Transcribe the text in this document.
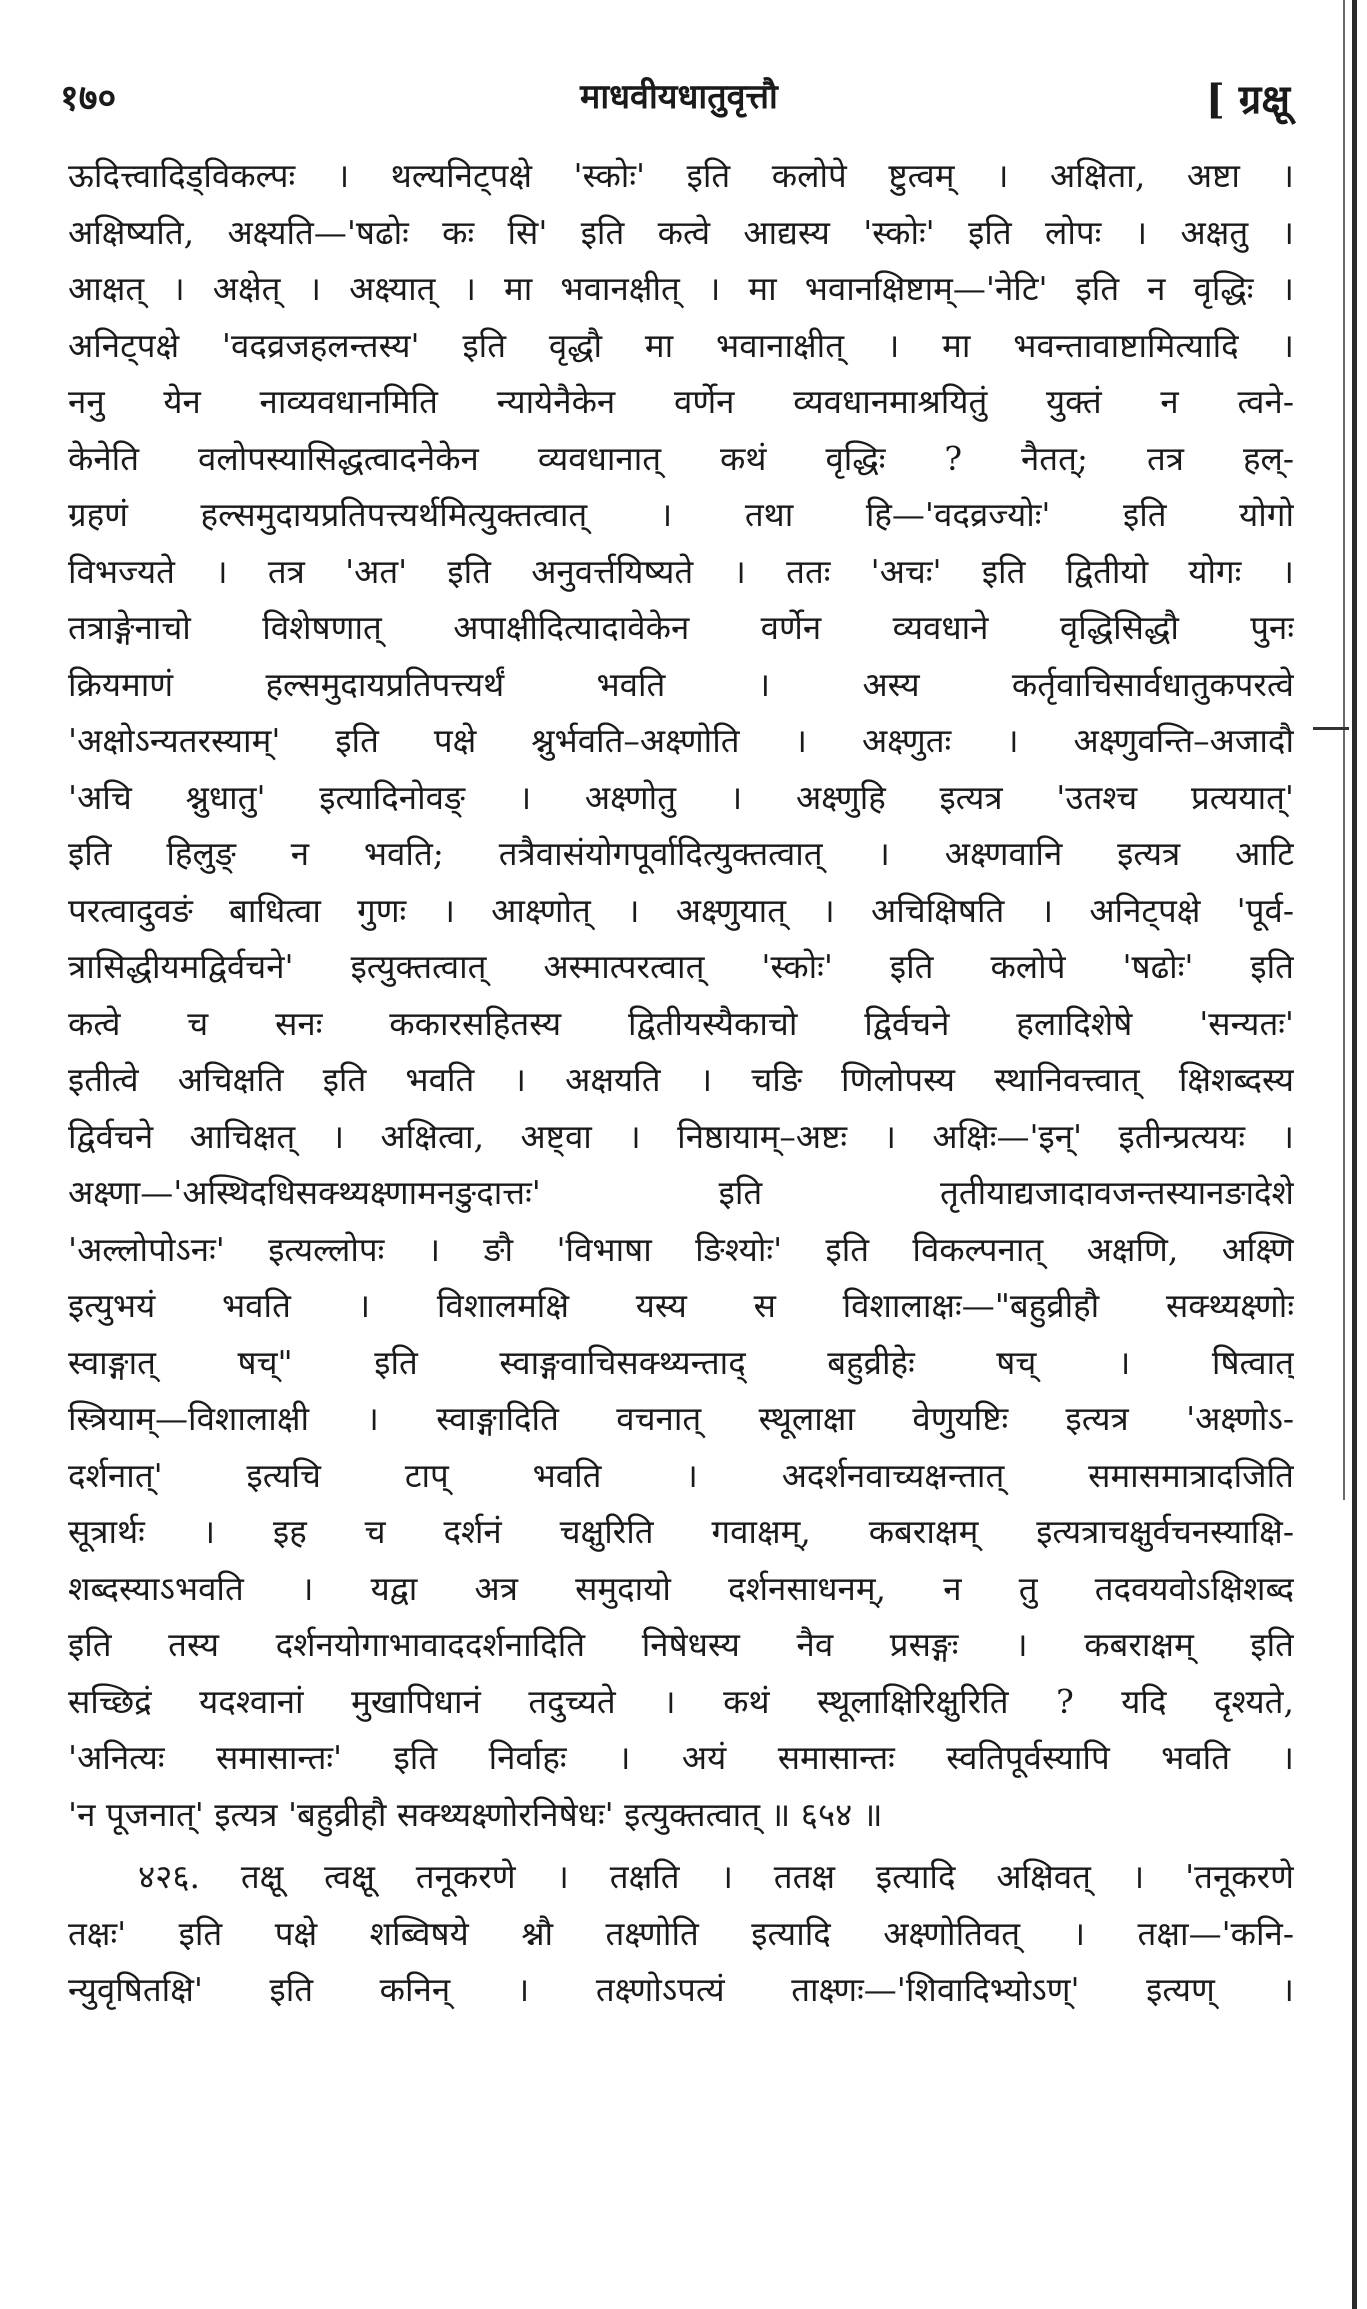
१७०	माधवीयधातुवृत्तौ	[ ग्रक्षू
ऊदित्त्वादिड्विकल्पः । थल्यनिट्पक्षे 'स्कोः' इति कलोपे ष्टुत्वम् । अक्षिता, अष्टा ।
अक्षिष्यति, अक्ष्यति—'षढोः कः सि' इति कत्वे आद्यस्य 'स्कोः' इति लोपः । अक्षतु ।
आक्षत् । अक्षेत् । अक्ष्यात् । मा भवानक्षीत् । मा भवानक्षिष्टाम्—'नेटि' इति न वृद्धिः ।
अनिट्पक्षे 'वदव्रजहलन्तस्य' इति वृद्धौ मा भवानाक्षीत् । मा भवन्तावाष्टामित्यादि ।
ननु येन नाव्यवधानमिति न्यायेनैकेन वर्णेन व्यवधानमाश्रयितुं युक्तं न त्वने-
केनेति वलोपस्यासिद्धत्वादनेकेन व्यवधानात् कथं वृद्धिः ? नैतत्; तत्र हल्-
ग्रहणं हल्समुदायप्रतिपत्त्यर्थमित्युक्तत्वात् । तथा हि—'वदव्रज्योः' इति योगो
विभज्यते । तत्र 'अत' इति अनुवर्त्तयिष्यते । ततः 'अचः' इति द्वितीयो योगः ।
तत्राङ्गेनाचो विशेषणात् अपाक्षीदित्यादावेकेन वर्णेन व्यवधाने वृद्धिसिद्धौ पुनः
क्रियमाणं हल्समुदायप्रतिपत्त्यर्थं भवति । अस्य कर्तृवाचिसार्वधातुकपरत्वे
'अक्षोऽन्यतरस्याम्' इति पक्षे श्नुर्भवति–अक्ष्णोति । अक्ष्णुतः । अक्ष्णुवन्ति–अजादौ
'अचि श्नुधातु' इत्यादिनोवङ् । अक्ष्णोतु । अक्ष्णुहि इत्यत्र 'उतश्च प्रत्ययात्'
इति हिलुङ् न भवति; तत्रैवासंयोगपूर्वादित्युक्तत्वात् । अक्ष्णवानि इत्यत्र आटि
परत्वादुवङं बाधित्वा गुणः । आक्ष्णोत् । अक्ष्णुयात् । अचिक्षिषति । अनिट्पक्षे 'पूर्व-
त्रासिद्धीयमद्विर्वचने' इत्युक्तत्वात् अस्मात्परत्वात् 'स्कोः' इति कलोपे 'षढोः' इति
कत्वे च सनः ककारसहितस्य द्वितीयस्यैकाचो द्विर्वचने हलादिशेषे 'सन्यतः'
इतीत्वे अचिक्षति इति भवति । अक्षयति । चङि णिलोपस्य स्थानिवत्त्वात् क्षिशब्दस्य
द्विर्वचने आचिक्षत् । अक्षित्वा, अष्ट्वा । निष्ठायाम्–अष्टः । अक्षिः—'इन्' इतीन्प्रत्ययः ।
अक्ष्णा—'अस्थिदधिसक्थ्यक्ष्णामनङुदात्तः' इति तृतीयाद्यजादावजन्तस्यानङादेशे
'अल्लोपोऽनः' इत्यल्लोपः । ङौ 'विभाषा ङिश्योः' इति विकल्पनात् अक्षणि, अक्ष्णि
इत्युभयं भवति । विशालमक्षि यस्य स विशालाक्षः—"बहुव्रीहौ सक्थ्यक्ष्णोः
स्वाङ्गात् षच्" इति स्वाङ्गवाचिसक्थ्यन्ताद् बहुव्रीहेः षच् । षित्वात्
स्त्रियाम्—विशालाक्षी । स्वाङ्गादिति वचनात् स्थूलाक्षा वेणुयष्टिः इत्यत्र 'अक्ष्णोऽ-
दर्शनात्' इत्यचि टाप् भवति । अदर्शनवाच्यक्षन्तात् समासमात्रादजिति
सूत्रार्थः । इह च दर्शनं चक्षुरिति गवाक्षम्, कबराक्षम् इत्यत्राचक्षुर्वचनस्याक्षि-
शब्दस्याऽभवति । यद्वा अत्र समुदायो दर्शनसाधनम्, न तु तदवयवोऽक्षिशब्द
इति तस्य दर्शनयोगाभावाददर्शनादिति निषेधस्य नैव प्रसङ्गः । कबराक्षम् इति
सच्छिद्रं यदश्वानां मुखापिधानं तदुच्यते । कथं स्थूलाक्षिरिक्षुरिति ? यदि दृश्यते,
'अनित्यः समासान्तः' इति निर्वाहः । अयं समासान्तः स्वतिपूर्वस्यापि भवति ।
'न पूजनात्' इत्यत्र 'बहुव्रीहौ सक्थ्यक्ष्णोरनिषेधः' इत्युक्तत्वात् ॥ ६५४ ॥
४२६. तक्षू त्वक्षू तनूकरणे । तक्षति । ततक्ष इत्यादि अक्षिवत् । 'तनूकरणे
तक्षः' इति पक्षे शब्विषये श्नौ तक्ष्णोति इत्यादि अक्ष्णोतिवत् । तक्षा—'कनि-
न्युवृषितक्षि' इति कनिन् । तक्ष्णोऽपत्यं ताक्ष्णः—'शिवादिभ्योऽण्' इत्यण् ।
